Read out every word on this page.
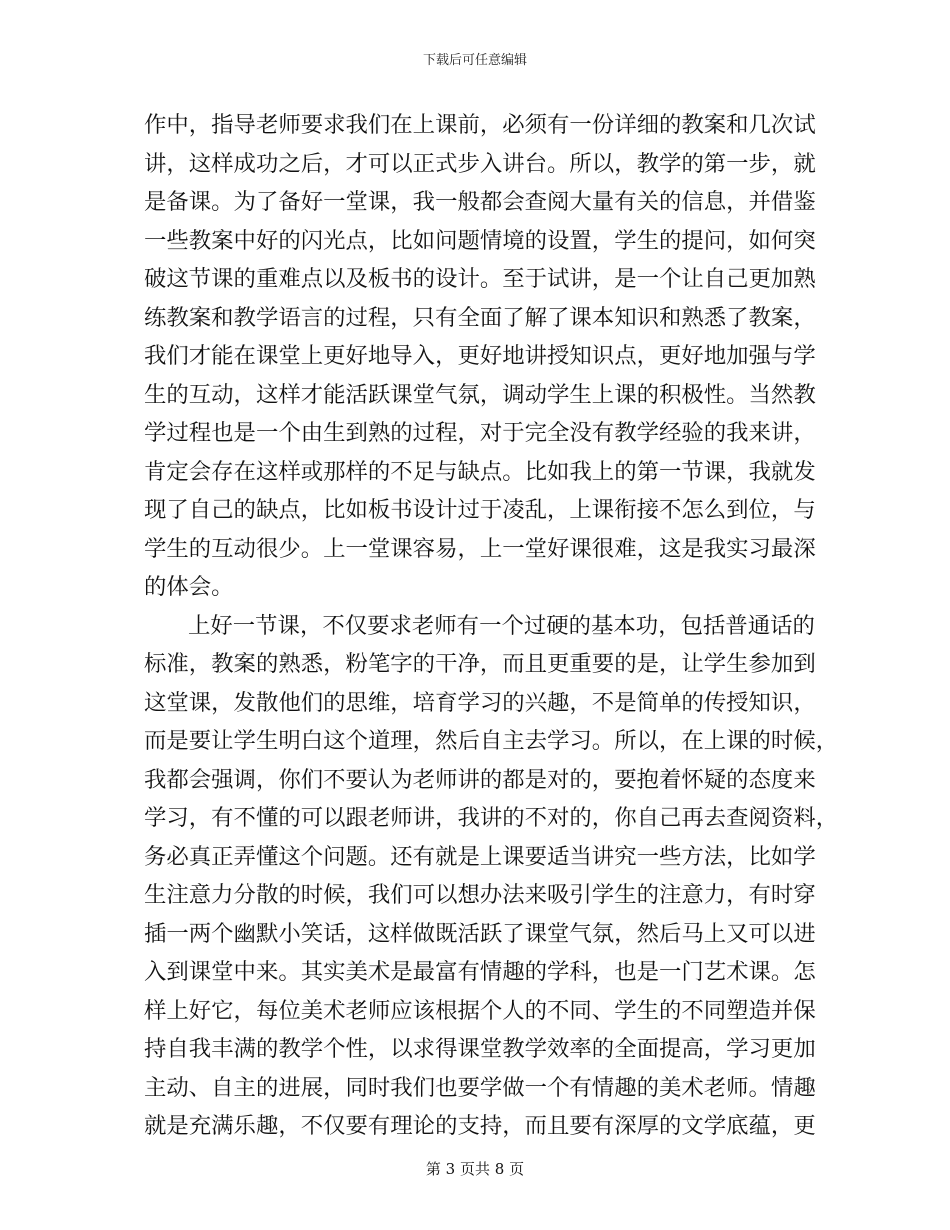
下载后可任意编辑
作中，指导老师要求我们在上课前，必须有一份详细的教案和几次试
讲，这样成功之后，才可以正式步入讲台。所以，教学的第一步，就
是备课。为了备好一堂课，我一般都会查阅大量有关的信息，并借鉴
一些教案中好的闪光点，比如问题情境的设置，学生的提问，如何突
破这节课的重难点以及板书的设计。至于试讲，是一个让自己更加熟
练教案和教学语言的过程，只有全面了解了课本知识和熟悉了教案，
我们才能在课堂上更好地导入，更好地讲授知识点，更好地加强与学
生的互动，这样才能活跃课堂气氛，调动学生上课的积极性。当然教
学过程也是一个由生到熟的过程，对于完全没有教学经验的我来讲，
肯定会存在这样或那样的不足与缺点。比如我上的第一节课，我就发
现了自己的缺点，比如板书设计过于凌乱，上课衔接不怎么到位，与
学生的互动很少。上一堂课容易，上一堂好课很难，这是我实习最深
的体会。
上好一节课，不仅要求老师有一个过硬的基本功，包括普通话的
标准，教案的熟悉，粉笔字的干净，而且更重要的是，让学生参加到
这堂课，发散他们的思维，培育学习的兴趣，不是简单的传授知识，
而是要让学生明白这个道理，然后自主去学习。所以，在上课的时候，
我都会强调，你们不要认为老师讲的都是对的，要抱着怀疑的态度来
学习，有不懂的可以跟老师讲，我讲的不对的，你自己再去查阅资料，
务必真正弄懂这个问题。还有就是上课要适当讲究一些方法，比如学
生注意力分散的时候，我们可以想办法来吸引学生的注意力，有时穿
插一两个幽默小笑话，这样做既活跃了课堂气氛，然后马上又可以进
入到课堂中来。其实美术是最富有情趣的学科，也是一门艺术课。怎
样上好它，每位美术老师应该根据个人的不同、学生的不同塑造并保
持自我丰满的教学个性，以求得课堂教学效率的全面提高，学习更加
主动、自主的进展，同时我们也要学做一个有情趣的美术老师。情趣
就是充满乐趣，不仅要有理论的支持，而且要有深厚的文学底蕴，更
第 3 页共 8 页
